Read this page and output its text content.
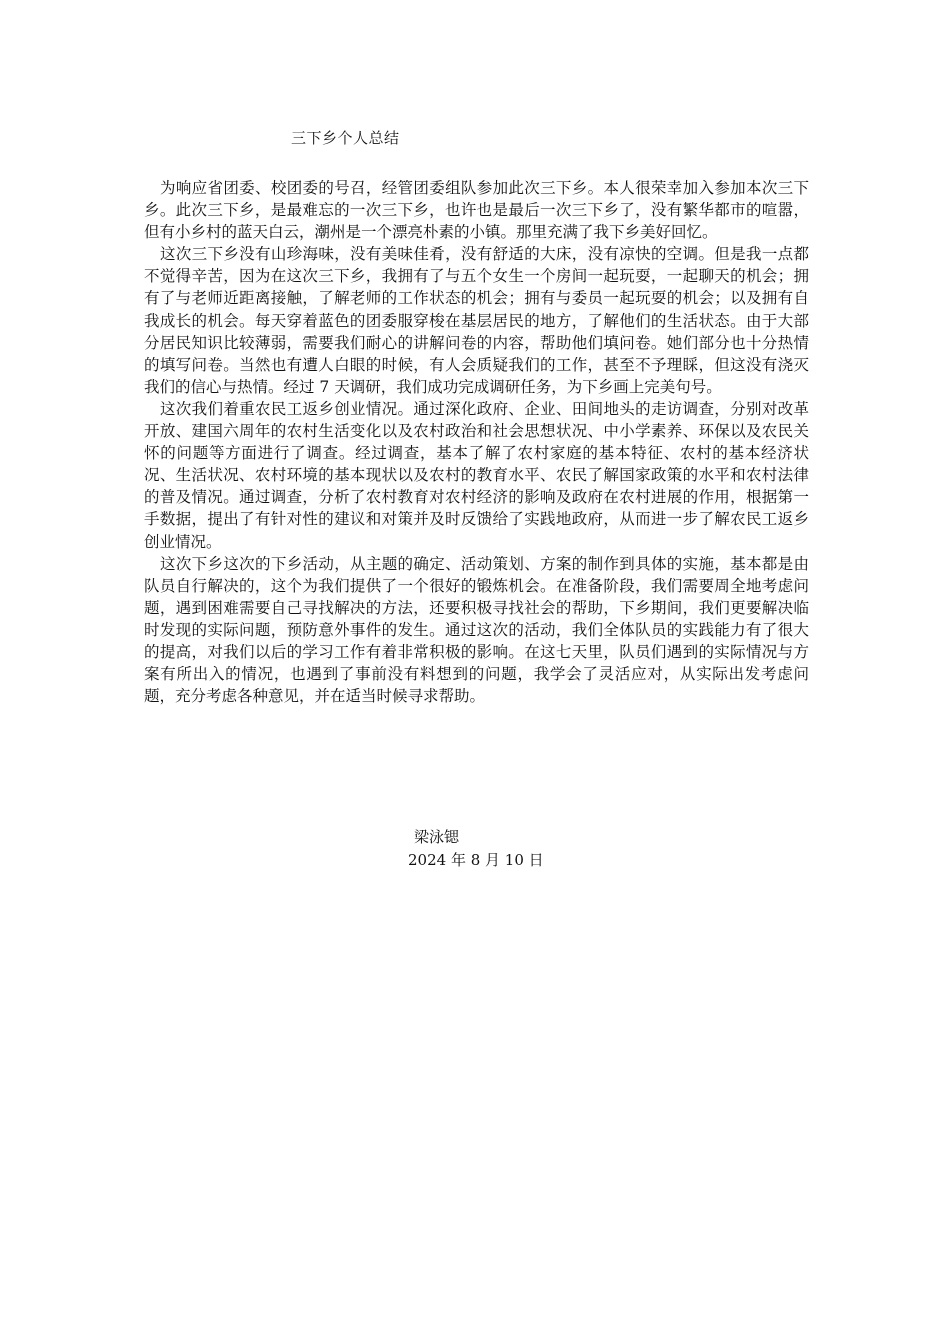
三下乡个人总结

为响应省团委、校团委的号召，经管团委组队参加此次三下乡。本人很荣幸加入参加本次三下乡。此次三下乡，是最难忘的一次三下乡，也许也是最后一次三下乡了，没有繁华都市的喧嚣，但有小乡村的蓝天白云，潮州是一个漂亮朴素的小镇。那里充满了我下乡美好回忆。

这次三下乡没有山珍海味，没有美味佳肴，没有舒适的大床，没有凉快的空调。但是我一点都不觉得辛苦，因为在这次三下乡，我拥有了与五个女生一个房间一起玩耍，一起聊天的机会；拥有了与老师近距离接触，了解老师的工作状态的机会；拥有与委员一起玩耍的机会；以及拥有自我成长的机会。每天穿着蓝色的团委服穿梭在基层居民的地方，了解他们的生活状态。由于大部分居民知识比较薄弱，需要我们耐心的讲解问卷的内容，帮助他们填问卷。她们部分也十分热情的填写问卷。当然也有遭人白眼的时候，有人会质疑我们的工作，甚至不予理睬，但这没有浇灭我们的信心与热情。经过 7 天调研，我们成功完成调研任务，为下乡画上完美句号。

这次我们着重农民工返乡创业情况。通过深化政府、企业、田间地头的走访调查，分别对改革开放、建国六周年的农村生活变化以及农村政治和社会思想状况、中小学素养、环保以及农民关怀的问题等方面进行了调查。经过调查，基本了解了农村家庭的基本特征、农村的基本经济状况、生活状况、农村环境的基本现状以及农村的教育水平、农民了解国家政策的水平和农村法律的普及情况。通过调查，分析了农村教育对农村经济的影响及政府在农村进展的作用，根据第一手数据，提出了有针对性的建议和对策并及时反馈给了实践地政府，从而进一步了解农民工返乡创业情况。

这次下乡这次的下乡活动，从主题的确定、活动策划、方案的制作到具体的实施，基本都是由队员自行解决的，这个为我们提供了一个很好的锻炼机会。在准备阶段，我们需要周全地考虑问题，遇到困难需要自己寻找解决的方法，还要积极寻找社会的帮助，下乡期间，我们更要解决临时发现的实际问题，预防意外事件的发生。通过这次的活动，我们全体队员的实践能力有了很大的提高，对我们以后的学习工作有着非常积极的影响。在这七天里，队员们遇到的实际情况与方案有所出入的情况，也遇到了事前没有料想到的问题，我学会了灵活应对，从实际出发考虑问题，充分考虑各种意见，并在适当时候寻求帮助。

梁泳锶
2024 年 8 月 10 日
